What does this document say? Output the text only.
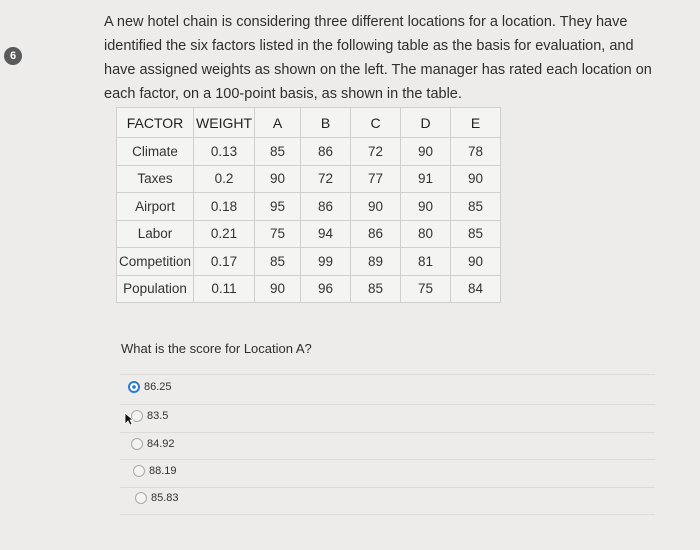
6

A new hotel chain is considering three different locations for a location. They have identified the six factors listed in the following table as the basis for evaluation, and have assigned weights as shown on the left. The manager has rated each location on each factor, on a 100-point basis, as shown in the table.

FACTOR	WEIGHT	A	B	C	D	E
Climate	0.13	85	86	72	90	78
Taxes	0.2	90	72	77	91	90
Airport	0.18	95	86	90	90	85
Labor	0.21	75	94	86	80	85
Competition	0.17	85	99	89	81	90
Population	0.11	90	96	85	75	84
What is the score for Location A?
86.25
83.5
84.92
88.19
85.83
